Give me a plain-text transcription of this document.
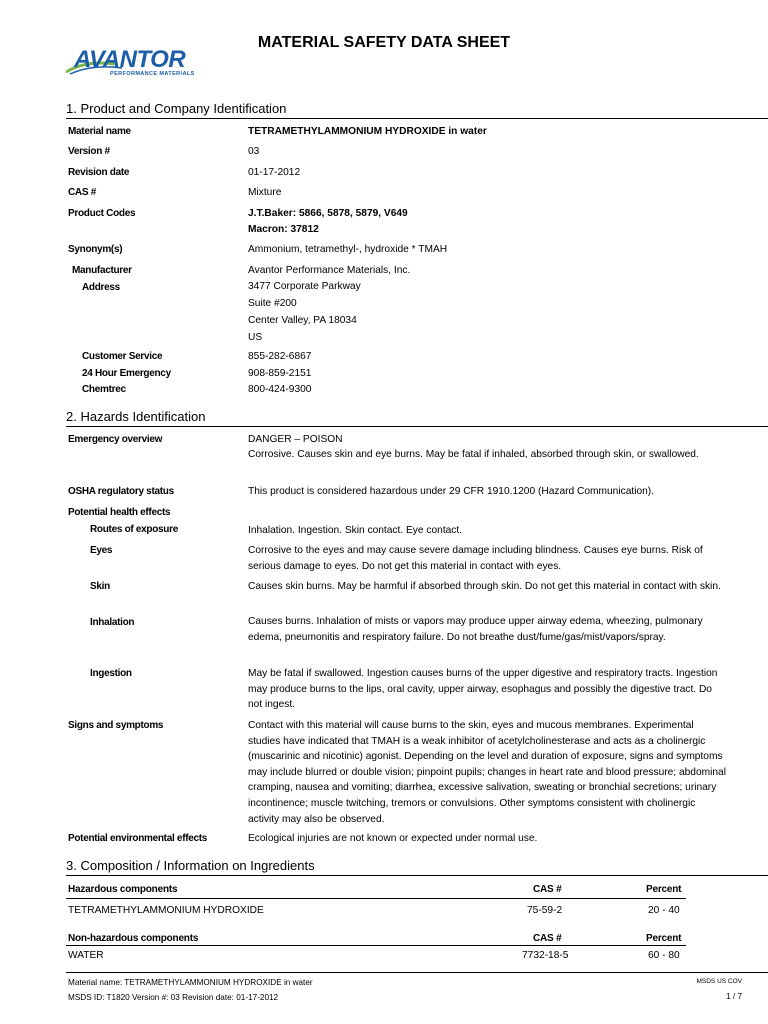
AVANTOR
PERFORMANCE MATERIALS
MATERIAL SAFETY DATA SHEET
1. Product and Company Identification
Material name	TETRAMETHYLAMMONIUM HYDROXIDE in water
Version #	03
Revision date	01-17-2012
CAS #	Mixture
Product Codes	J.T.Baker: 5866, 5878, 5879, V649
Macron: 37812
Synonym(s)	Ammonium, tetramethyl-, hydroxide * TMAH
Manufacturer	Avantor Performance Materials, Inc.
Address	3477 Corporate Parkway
Suite #200
Center Valley, PA 18034
US
Customer Service	855-282-6867
24 Hour Emergency	908-859-2151
Chemtrec	800-424-9300
2. Hazards Identification
Emergency overview	DANGER – POISON
Corrosive. Causes skin and eye burns. May be fatal if inhaled, absorbed through skin, or swallowed.
OSHA regulatory status	This product is considered hazardous under 29 CFR 1910.1200 (Hazard Communication).
Potential health effects
Routes of exposure	Inhalation. Ingestion. Skin contact. Eye contact.
Eyes	Corrosive to the eyes and may cause severe damage including blindness. Causes eye burns. Risk of serious damage to eyes. Do not get this material in contact with eyes.
Skin	Causes skin burns. May be harmful if absorbed through skin. Do not get this material in contact with skin.
Inhalation	Causes burns. Inhalation of mists or vapors may produce upper airway edema, wheezing, pulmonary edema, pneumonitis and respiratory failure. Do not breathe dust/fume/gas/mist/vapors/spray.
Ingestion	May be fatal if swallowed. Ingestion causes burns of the upper digestive and respiratory tracts. Ingestion may produce burns to the lips, oral cavity, upper airway, esophagus and possibly the digestive tract. Do not ingest.
Signs and symptoms	Contact with this material will cause burns to the skin, eyes and mucous membranes. Experimental studies have indicated that TMAH is a weak inhibitor of acetylcholinesterase and acts as a cholinergic (muscarinic and nicotinic) agonist. Depending on the level and duration of exposure, signs and symptoms may include blurred or double vision; pinpoint pupils; changes in heart rate and blood pressure; abdominal cramping, nausea and vomiting; diarrhea, excessive salivation, sweating or bronchial secretions; urinary incontinence; muscle twitching, tremors or convulsions. Other symptoms consistent with cholinergic activity may also be observed.
Potential environmental effects	Ecological injuries are not known or expected under normal use.
3. Composition / Information on Ingredients
Hazardous components	CAS #	Percent
TETRAMETHYLAMMONIUM HYDROXIDE	75-59-2	20 - 40
Non-hazardous components	CAS #	Percent
WATER	7732-18-5	60 - 80
Material name: TETRAMETHYLAMMONIUM HYDROXIDE in water
MSDS ID: T1820 Version #: 03 Revision date: 01-17-2012
MSDS US COV
1 / 7
